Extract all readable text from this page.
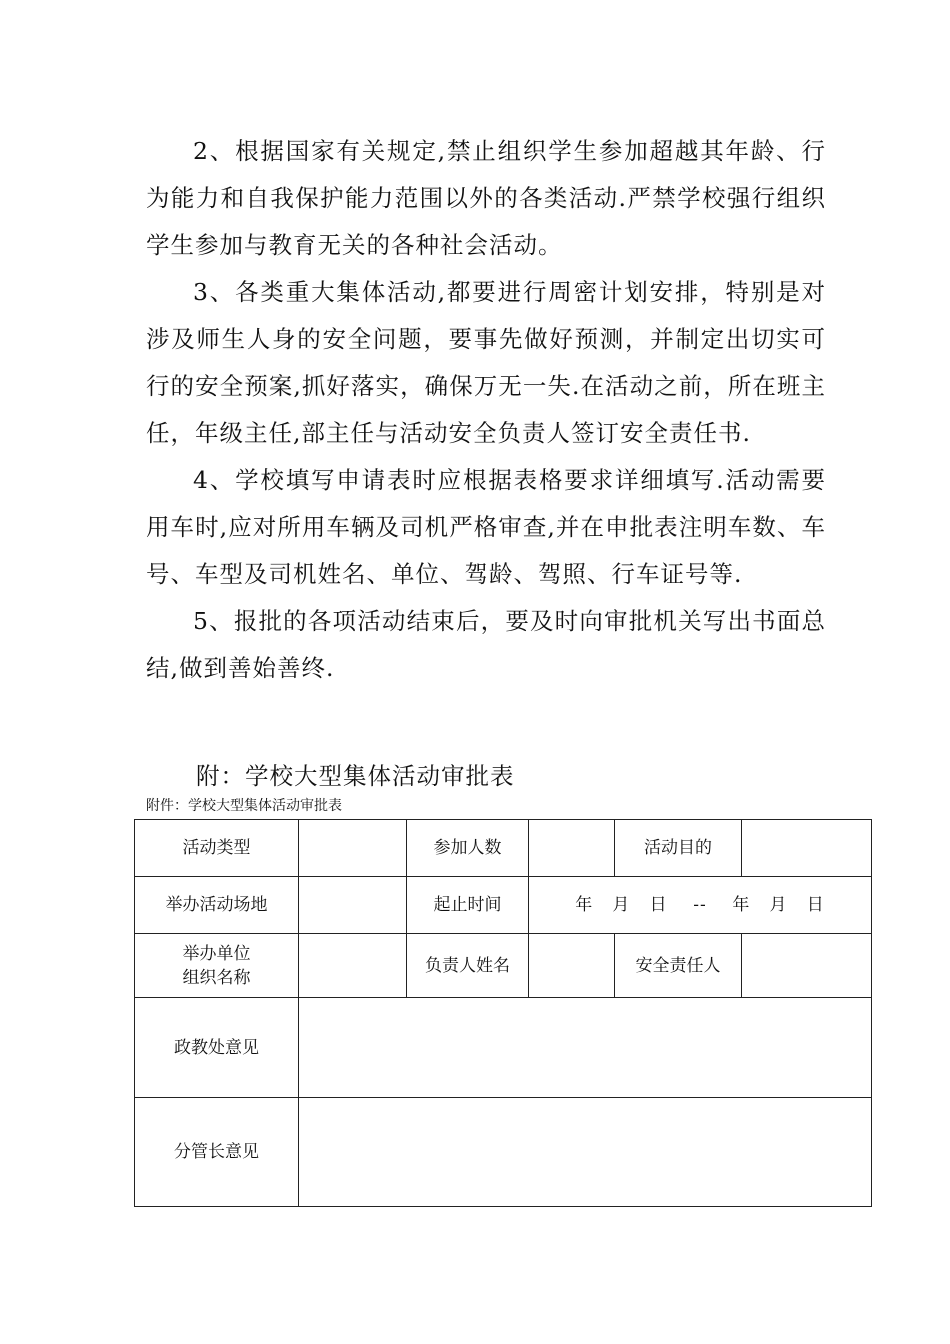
2、根据国家有关规定,禁止组织学生参加超越其年龄、行为能力和自我保护能力范围以外的各类活动.严禁学校强行组织学生参加与教育无关的各种社会活动。

3、各类重大集体活动,都要进行周密计划安排，特别是对涉及师生人身的安全问题，要事先做好预测，并制定出切实可行的安全预案,抓好落实，确保万无一失.在活动之前，所在班主任，年级主任,部主任与活动安全负责人签订安全责任书.

4、学校填写申请表时应根据表格要求详细填写.活动需要用车时,应对所用车辆及司机严格审查,并在申批表注明车数、车号、车型及司机姓名、单位、驾龄、驾照、行车证号等.

5、报批的各项活动结束后，要及时向审批机关写出书面总结,做到善始善终.

附：学校大型集体活动审批表
附件：学校大型集体活动审批表
活动类型		参加人数		活动目的	
举办活动场地		起止时间	年   月   日    --    年   月   日		

举办单位
组织名称		负责人姓名		安全责任人	
政教处意见					
分管长意见					
